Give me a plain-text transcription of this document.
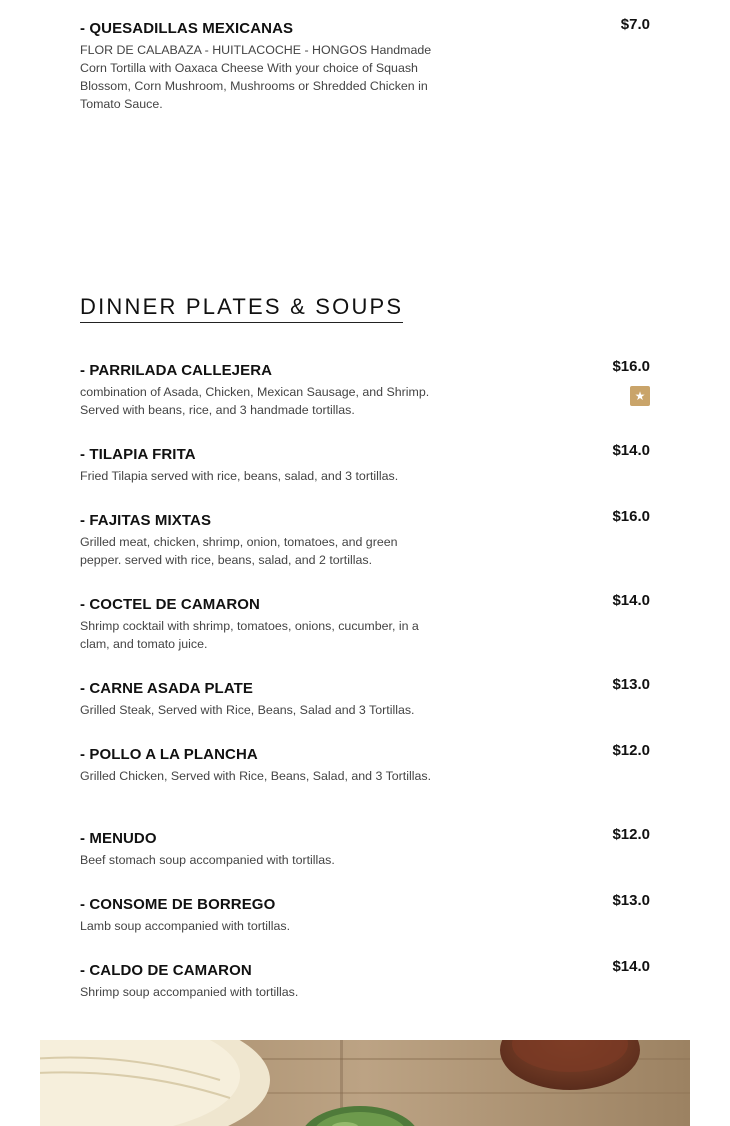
- QUESADILLAS MEXICANAS	$7.0
FLOR DE CALABAZA - HUITLACOCHE - HONGOS Handmade Corn Tortilla with Oaxaca Cheese With your choice of Squash Blossom, Corn Mushroom, Mushrooms or Shredded Chicken in Tomato Sauce.
- PARRILADA CALLEJERA	$16.0
★
combination of Asada, Chicken, Mexican Sausage, and Shrimp. Served with beans, rice, and 3 handmade tortillas.
- TILAPIA FRITA	$14.0
Fried Tilapia served with rice, beans, salad, and 3 tortillas.
- FAJITAS MIXTAS	$16.0
Grilled meat, chicken, shrimp, onion, tomatoes, and green pepper. served with rice, beans, salad, and 2 tortillas.
- COCTEL DE CAMARON	$14.0
Shrimp cocktail with shrimp, tomatoes, onions, cucumber, in a clam, and tomato juice.
- CARNE ASADA PLATE	$13.0
Grilled Steak, Served with Rice, Beans, Salad and 3 Tortillas.
- POLLO A LA PLANCHA	$12.0
Grilled Chicken, Served with Rice, Beans, Salad, and 3 Tortillas.
- MENUDO	$12.0
Beef stomach soup accompanied with tortillas.
- CONSOME DE BORREGO	$13.0
Lamb soup accompanied with tortillas.
- CALDO DE CAMARON	$14.0
Shrimp soup accompanied with tortillas.
DINNER PLATES & SOUPS
